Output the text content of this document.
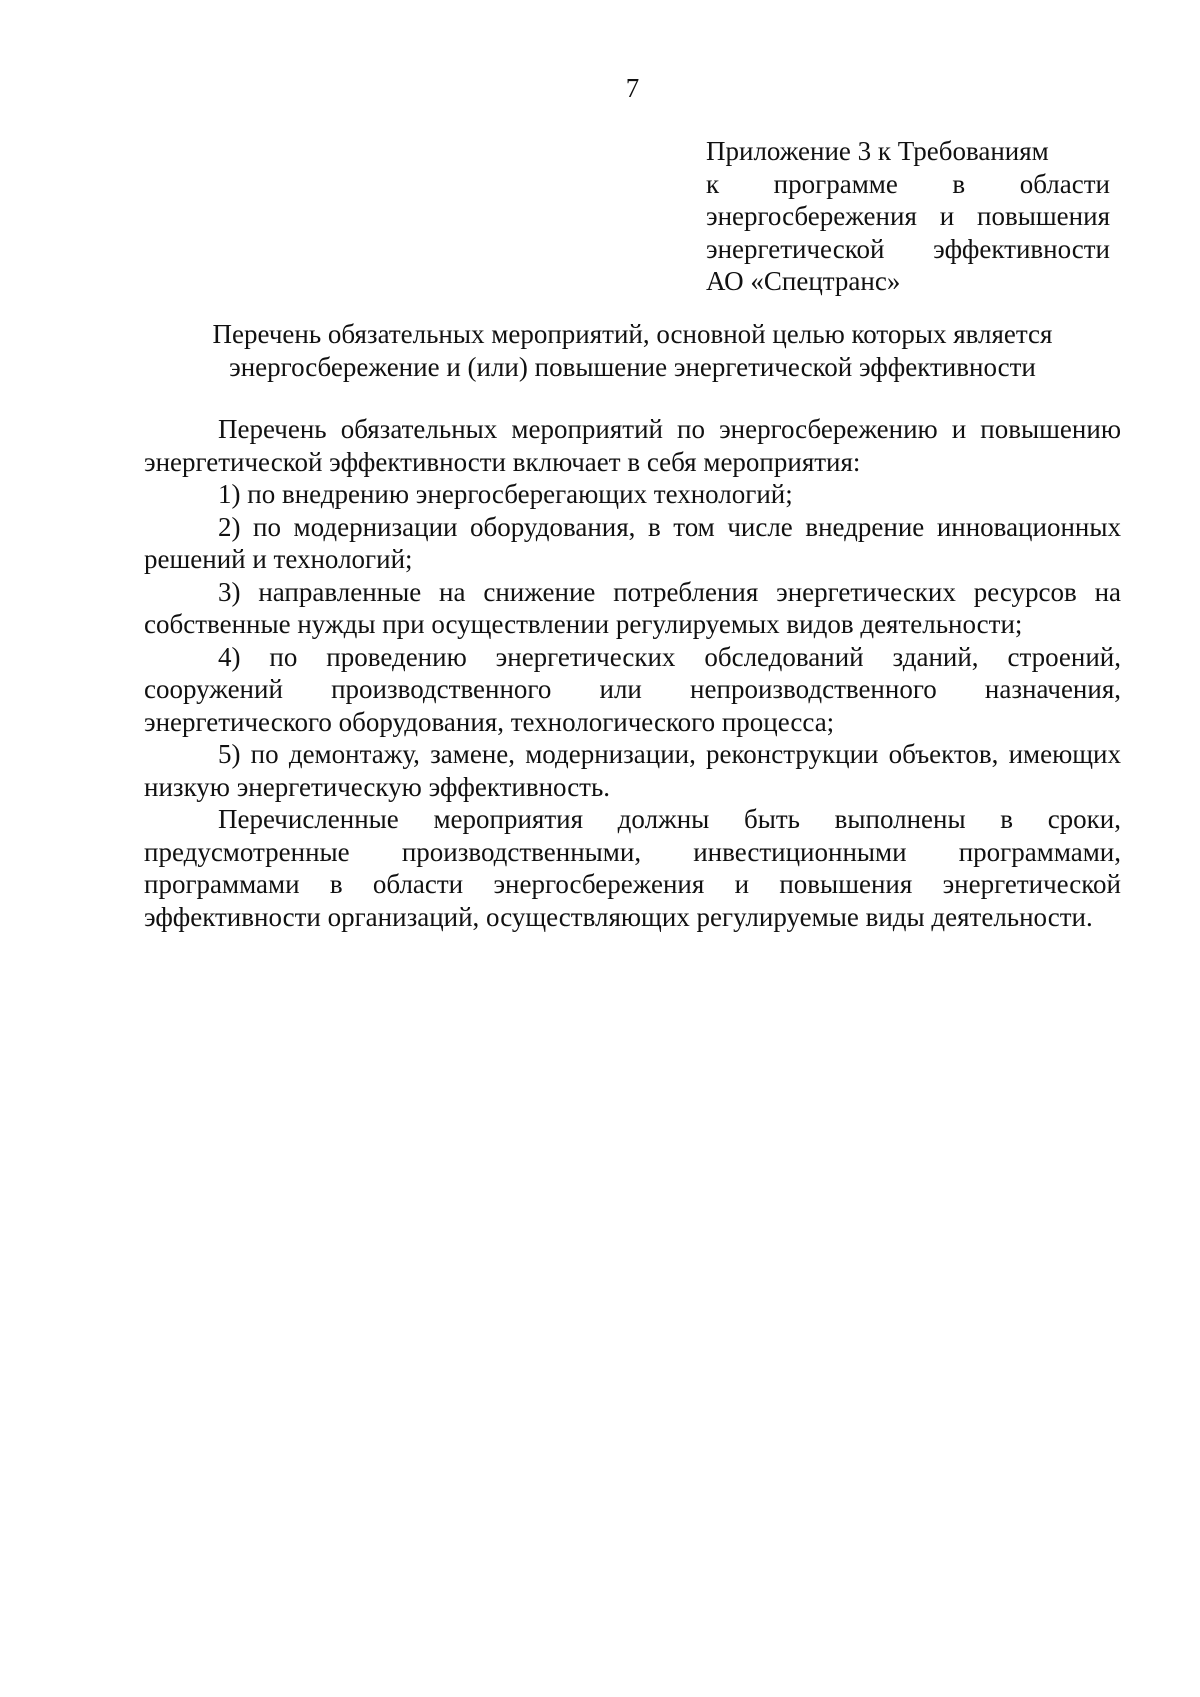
7
Приложение 3 к Требованиям
к программе в области
энергосбережения и повышения
энергетической эффективности
АО «Спецтранс»
Перечень обязательных мероприятий, основной целью которых является
энергосбережение и (или) повышение энергетической эффективности

Перечень обязательных мероприятий по энергосбережению и повышению энергетической эффективности включает в себя мероприятия:

1) по внедрению энергосберегающих технологий;

2) по модернизации оборудования, в том числе внедрение инновационных решений и технологий;

3) направленные на снижение потребления энергетических ресурсов на собственные нужды при осуществлении регулируемых видов деятельности;

4) по проведению энергетических обследований зданий, строений, сооружений производственного или непроизводственного назначения, энергетического оборудования, технологического процесса;

5) по демонтажу, замене, модернизации, реконструкции объектов, имеющих низкую энергетическую эффективность.

Перечисленные мероприятия должны быть выполнены в сроки, предусмотренные производственными, инвестиционными программами, программами в области энергосбережения и повышения энергетической эффективности организаций, осуществляющих регулируемые виды деятельности.
